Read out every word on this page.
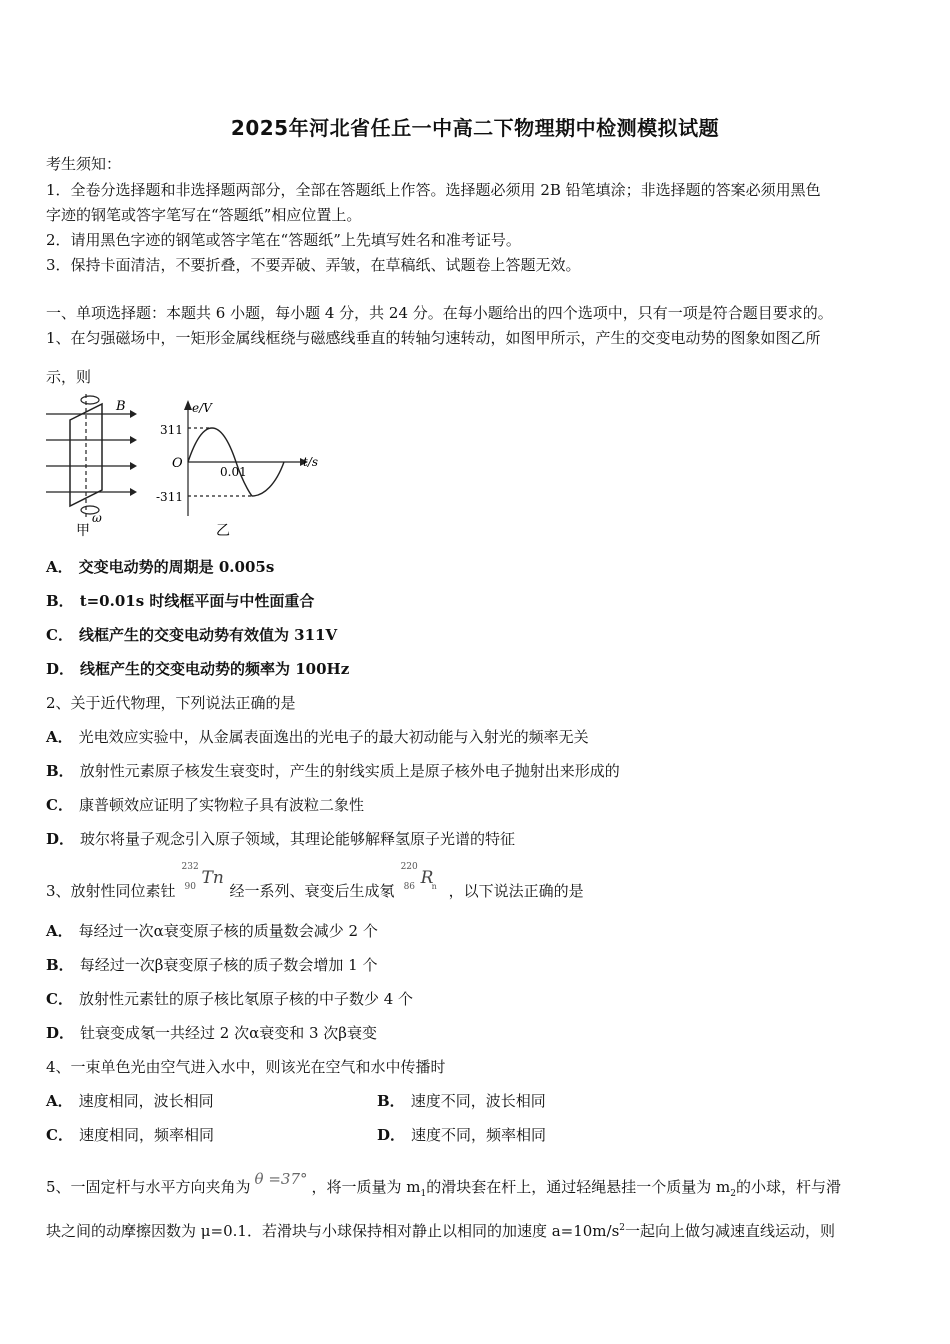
2025年河北省任丘一中高二下物理期中检测模拟试题
考生须知：
1．全卷分选择题和非选择题两部分，全部在答题纸上作答。选择题必须用 2B 铅笔填涂；非选择题的答案必须用黑色
字迹的钢笔或答字笔写在“答题纸”相应位置上。
2．请用黑色字迹的钢笔或答字笔在“答题纸”上先填写姓名和准考证号。
3．保持卡面清洁，不要折叠，不要弄破、弄皱，在草稿纸、试题卷上答题无效。
一、单项选择题：本题共 6 小题，每小题 4 分，共 24 分。在每小题给出的四个选项中，只有一项是符合题目要求的。
1、在匀强磁场中，一矩形金属线框绕与磁感线垂直的转轴匀速转动，如图甲所示，产生的交变电动势的图象如图乙所
示，则
B
ω
甲
e/V
t/s
O
311
-311
0.01
乙
A． 交变电动势的周期是 0.005s
B． t=0.01s 时线框平面与中性面重合
C． 线框产生的交变电动势有效值为 311V
D． 线框产生的交变电动势的频率为 100Hz
2、关于近代物理，下列说法正确的是
A． 光电效应实验中，从金属表面逸出的光电子的最大初动能与入射光的频率无关
B． 放射性元素原子核发生衰变时，产生的射线实质上是原子核外电子抛射出来形成的
C． 康普顿效应证明了实物粒子具有波粒二象性
D． 玻尔将量子观念引入原子领域，其理论能够解释氢原子光谱的特征
3、放射性同位素钍
232
90 Tn
经一系列、衰变后生成氡
220
86 R
n ，以下说法正确的是
A． 每经过一次α衰变原子核的质量数会减少 2 个
B． 每经过一次β衰变原子核的质子数会增加 1 个
C． 放射性元素钍的原子核比氡原子核的中子数少 4 个
D． 钍衰变成氡一共经过 2 次α衰变和 3 次β衰变
4、一束单色光由空气进入水中，则该光在空气和水中传播时
A． 速度相同，波长相同	B． 速度不同，波长相同
C． 速度相同，频率相同	D． 速度不同，频率相同
5、一固定杆与水平方向夹角为 θ =37° ，将一质量为 $m_1$的滑块套在杆上，通过轻绳悬挂一个质量为 $m_2$的小球，杆与滑
块之间的动摩擦因数为 μ=0.1．若滑块与小球保持相对静止以相同的加速度 $a=10m/s^2$一起向上做匀减速直线运动，则
